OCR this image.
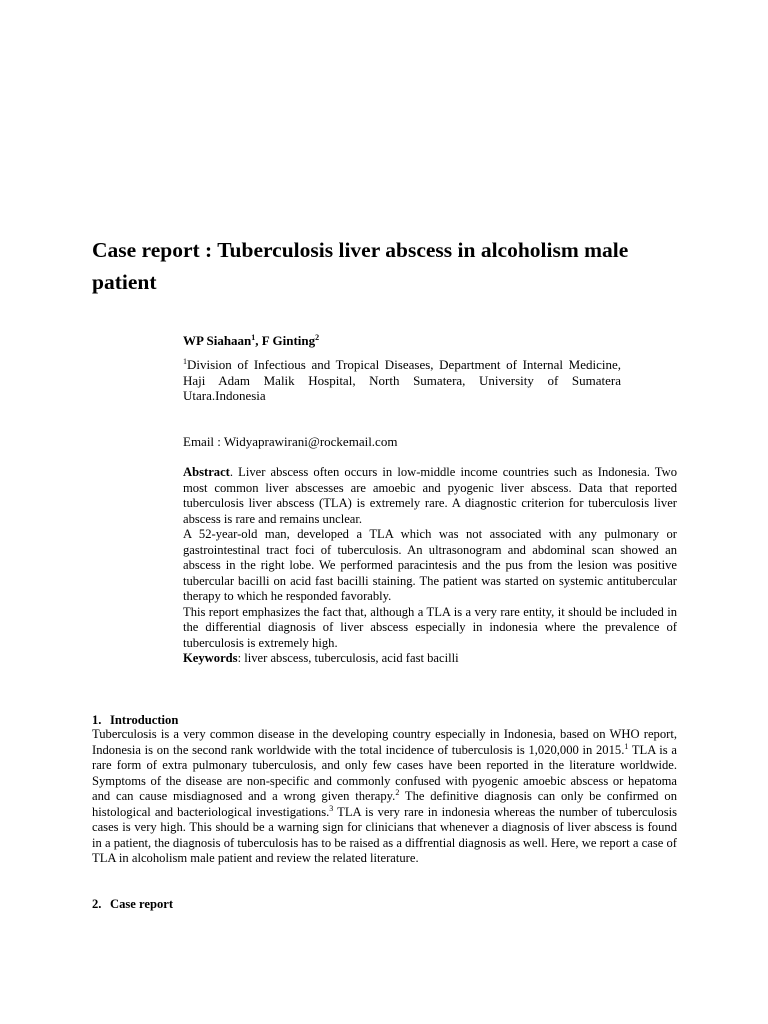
Case report : Tuberculosis liver abscess in alcoholism male patient

WP Siahaan$^1$, F Ginting$^2$

$^1$Division of Infectious and Tropical Diseases, Department of Internal Medicine, Haji Adam Malik Hospital, North Sumatera, University of Sumatera Utara.Indonesia

Email : Widyaprawirani@rockemail.com

Abstract. Liver abscess often occurs in low-middle income countries such as Indonesia. Two most common liver abscesses are amoebic and pyogenic liver abscess. Data that reported tuberculosis liver abscess (TLA) is extremely rare. A diagnostic criterion for tuberculosis liver abscess is rare and remains unclear.

A 52-year-old man, developed a TLA which was not associated with any pulmonary or gastrointestinal tract foci of tuberculosis. An ultrasonogram and abdominal scan showed an abscess in the right lobe. We performed paracintesis and the pus from the lesion was positive tubercular bacilli on acid fast bacilli staining. The patient was started on systemic antitubercular therapy to which he responded favorably.

This report emphasizes the fact that, although a TLA is a very rare entity, it should be included in the differential diagnosis of liver abscess especially in indonesia where the prevalence of tuberculosis is extremely high.

Keywords: liver abscess, tuberculosis, acid fast bacilli

1. Introduction

Tuberculosis is a very common disease in the developing country especially in Indonesia, based on WHO report, Indonesia is on the second rank worldwide with the total incidence of tuberculosis is 1,020,000 in 2015.$^1$ TLA is a rare form of extra pulmonary tuberculosis, and only few cases have been reported in the literature worldwide. Symptoms of the disease are non-specific and commonly confused with pyogenic amoebic abscess or hepatoma and can cause misdiagnosed and a wrong given therapy.$^2$ The definitive diagnosis can only be confirmed on histological and bacteriological investigations.$^3$ TLA is very rare in indonesia whereas the number of tuberculosis cases is very high. This should be a warning sign for clinicians that whenever a diagnosis of liver abscess is found in a patient, the diagnosis of tuberculosis has to be raised as a diffrential diagnosis as well. Here, we report a case of TLA in alcoholism male patient and review the related literature.

2. Case report
